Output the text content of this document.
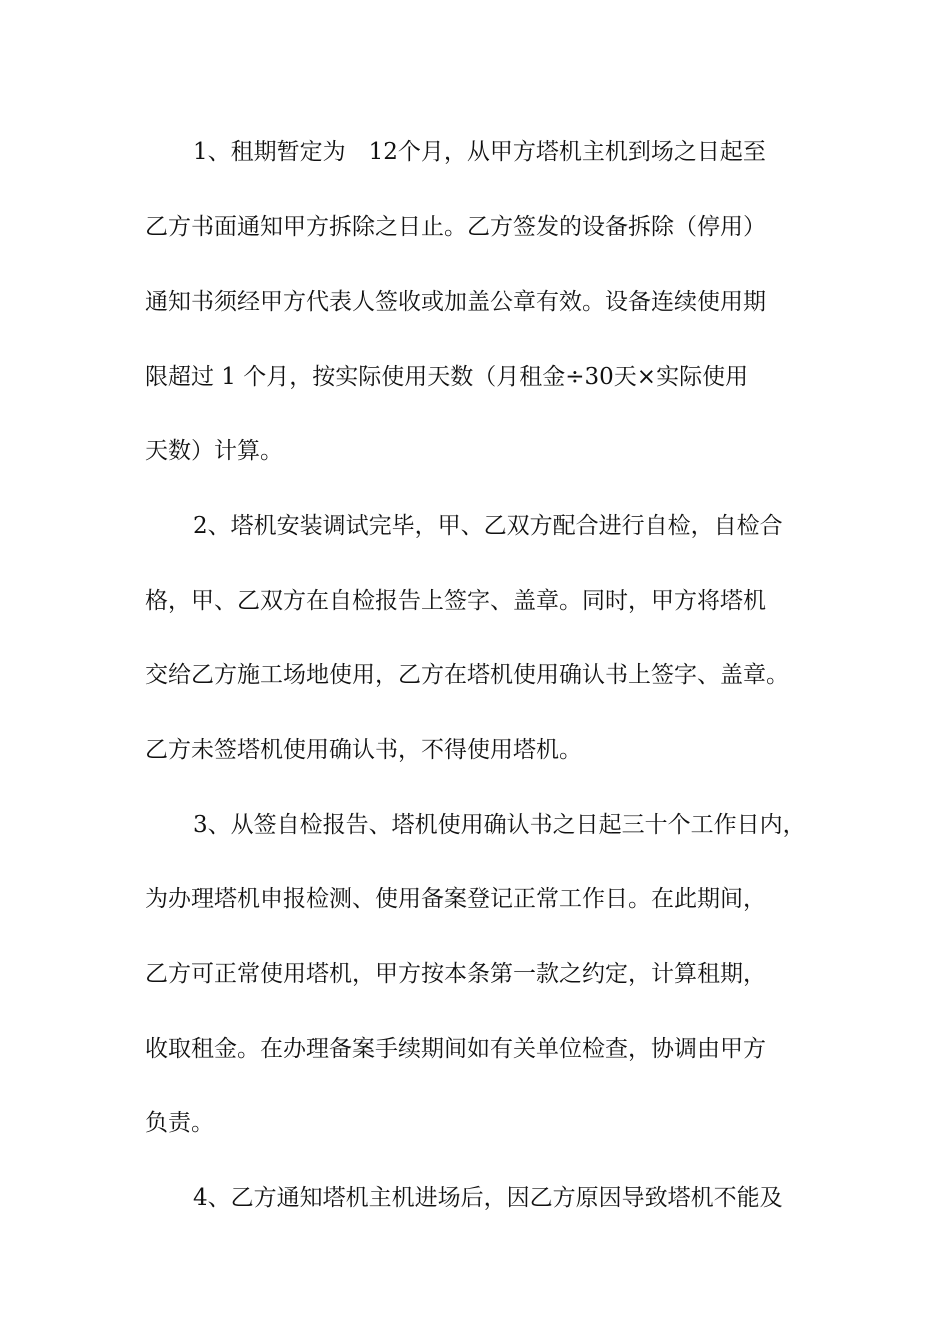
1、租期暂定为　12个月，从甲方塔机主机到场之日起至
乙方书面通知甲方拆除之日止。乙方签发的设备拆除（停用）
通知书须经甲方代表人签收或加盖公章有效。设备连续使用期
限超过 1 个月，按实际使用天数（月租金÷30天×实际使用
天数）计算。
2、塔机安装调试完毕，甲、乙双方配合进行自检，自检合
格，甲、乙双方在自检报告上签字、盖章。同时，甲方将塔机
交给乙方施工场地使用，乙方在塔机使用确认书上签字、盖章。
乙方未签塔机使用确认书，不得使用塔机。
3、从签自检报告、塔机使用确认书之日起三十个工作日内，
为办理塔机申报检测、使用备案登记正常工作日。在此期间，
乙方可正常使用塔机，甲方按本条第一款之约定，计算租期，
收取租金。在办理备案手续期间如有关单位检查，协调由甲方
负责。
4、乙方通知塔机主机进场后，因乙方原因导致塔机不能及
